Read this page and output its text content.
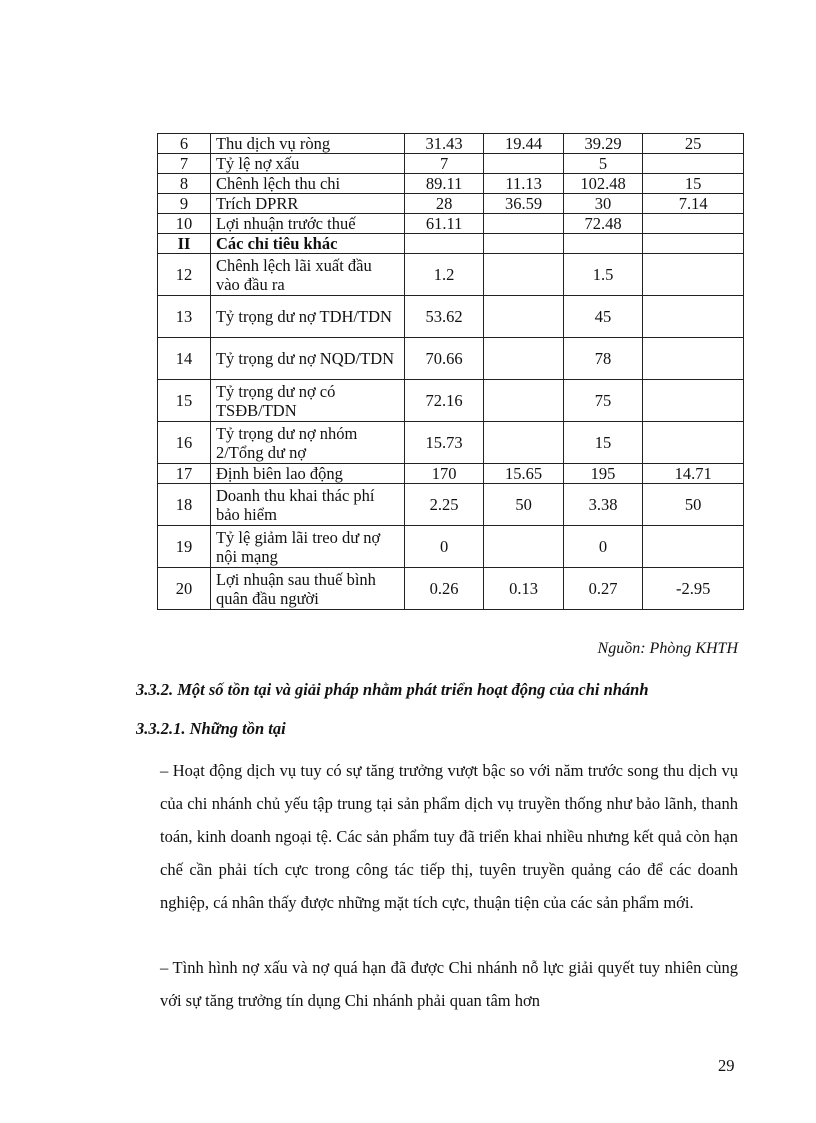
6	Thu dịch vụ ròng	31.43	19.44	39.29	25
7	Tỷ lệ nợ xấu	7		5	
8	Chênh lệch thu chi	89.11	11.13	102.48	15
9	Trích DPRR	28	36.59	30	7.14
10	Lợi nhuận trước thuế	61.11		72.48	
II	Các chỉ tiêu khác				
12	Chênh lệch lãi xuất đầu vào đầu ra	1.2		1.5	
13	Tỷ trọng dư nợ TDH/TDN	53.62		45	
14	Tỷ trọng dư nợ NQD/TDN	70.66		78	
15	Tỷ trọng dư nợ có TSĐB/TDN	72.16		75	
16	Tỷ trọng dư nợ nhóm 2/Tổng dư nợ	15.73		15	
17	Định biên lao động	170	15.65	195	14.71
18	Doanh thu khai thác phí bảo hiểm	2.25	50	3.38	50
19	Tỷ lệ giảm lãi treo dư nợ nội mạng	0		0	
20	Lợi nhuận sau thuế bình quân đầu người	0.26	0.13	0.27	-2.95
Nguồn: Phòng KHTH
3.3.2. Một số tồn tại và giải pháp nhằm phát triển hoạt động của chi nhánh
3.3.2.1. Những tồn tại
– Hoạt động dịch vụ tuy có sự tăng trưởng vượt bậc so với năm trước song thu dịch vụ của chi nhánh chủ yếu tập trung tại sản phẩm dịch vụ truyền thống như bảo lãnh, thanh toán, kinh doanh ngoại tệ. Các sản phẩm tuy đã triển khai nhiều nhưng kết quả còn hạn chế cần phải tích cực trong công tác tiếp thị, tuyên truyền quảng cáo để các doanh nghiệp, cá nhân thấy được những mặt tích cực, thuận tiện của các sản phẩm mới.
– Tình hình nợ xấu và nợ quá hạn đã được Chi nhánh nỗ lực giải quyết tuy nhiên cùng với sự tăng trưởng tín dụng Chi nhánh phải quan tâm hơn
29
